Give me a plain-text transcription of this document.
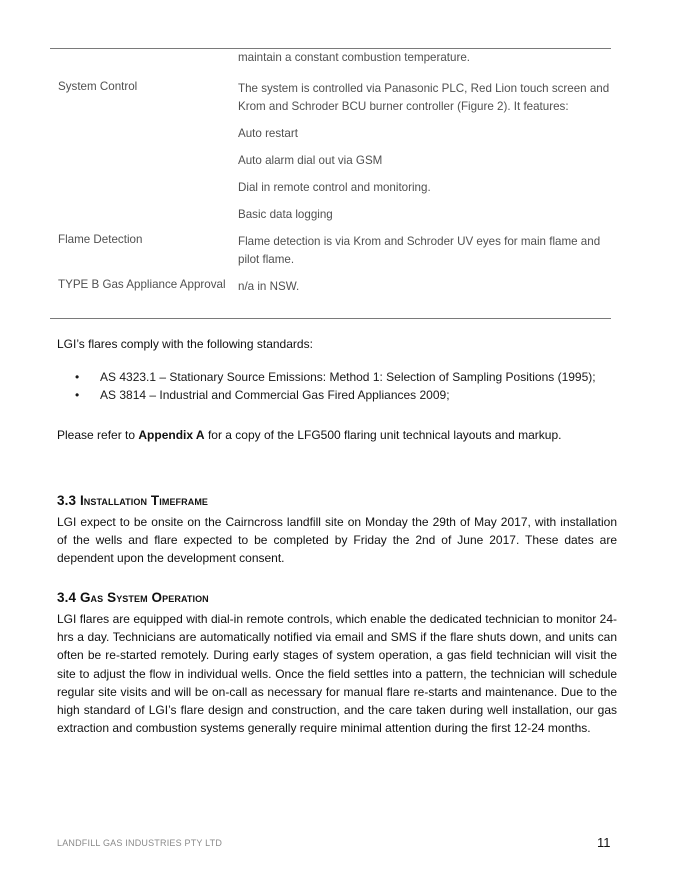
maintain a constant combustion temperature.

System Control	The system is controlled via Panasonic PLC, Red Lion touch screen and Krom and Schroder BCU burner controller (Figure 2). It features:

Auto restart

Auto alarm dial out via GSM

Dial in remote control and monitoring.

Basic data logging

Flame Detection	Flame detection is via Krom and Schroder UV eyes for main flame and pilot flame.

TYPE B Gas Appliance Approval	n/a in NSW.

LGI’s flares comply with the following standards:
• AS 4323.1 – Stationary Source Emissions: Method 1: Selection of Sampling Positions (1995);
• AS 3814 – Industrial and Commercial Gas Fired Appliances 2009;
Please refer to Appendix A for a copy of the LFG500 flaring unit technical layouts and markup.
3.3 Installation Timeframe
LGI expect to be onsite on the Cairncross landfill site on Monday the 29th of May 2017, with installation of the wells and flare expected to be completed by Friday the 2nd of June 2017. These dates are dependent upon the development consent.
3.4 Gas System Operation
LGI flares are equipped with dial-in remote controls, which enable the dedicated technician to monitor 24-hrs a day. Technicians are automatically notified via email and SMS if the flare shuts down, and units can often be re-started remotely. During early stages of system operation, a gas field technician will visit the site to adjust the flow in individual wells. Once the field settles into a pattern, the technician will schedule regular site visits and will be on-call as necessary for manual flare re-starts and maintenance. Due to the high standard of LGI’s flare design and construction, and the care taken during well installation, our gas extraction and combustion systems generally require minimal attention during the first 12-24 months.
LANDFILL GAS INDUSTRIES PTY LTD	11
